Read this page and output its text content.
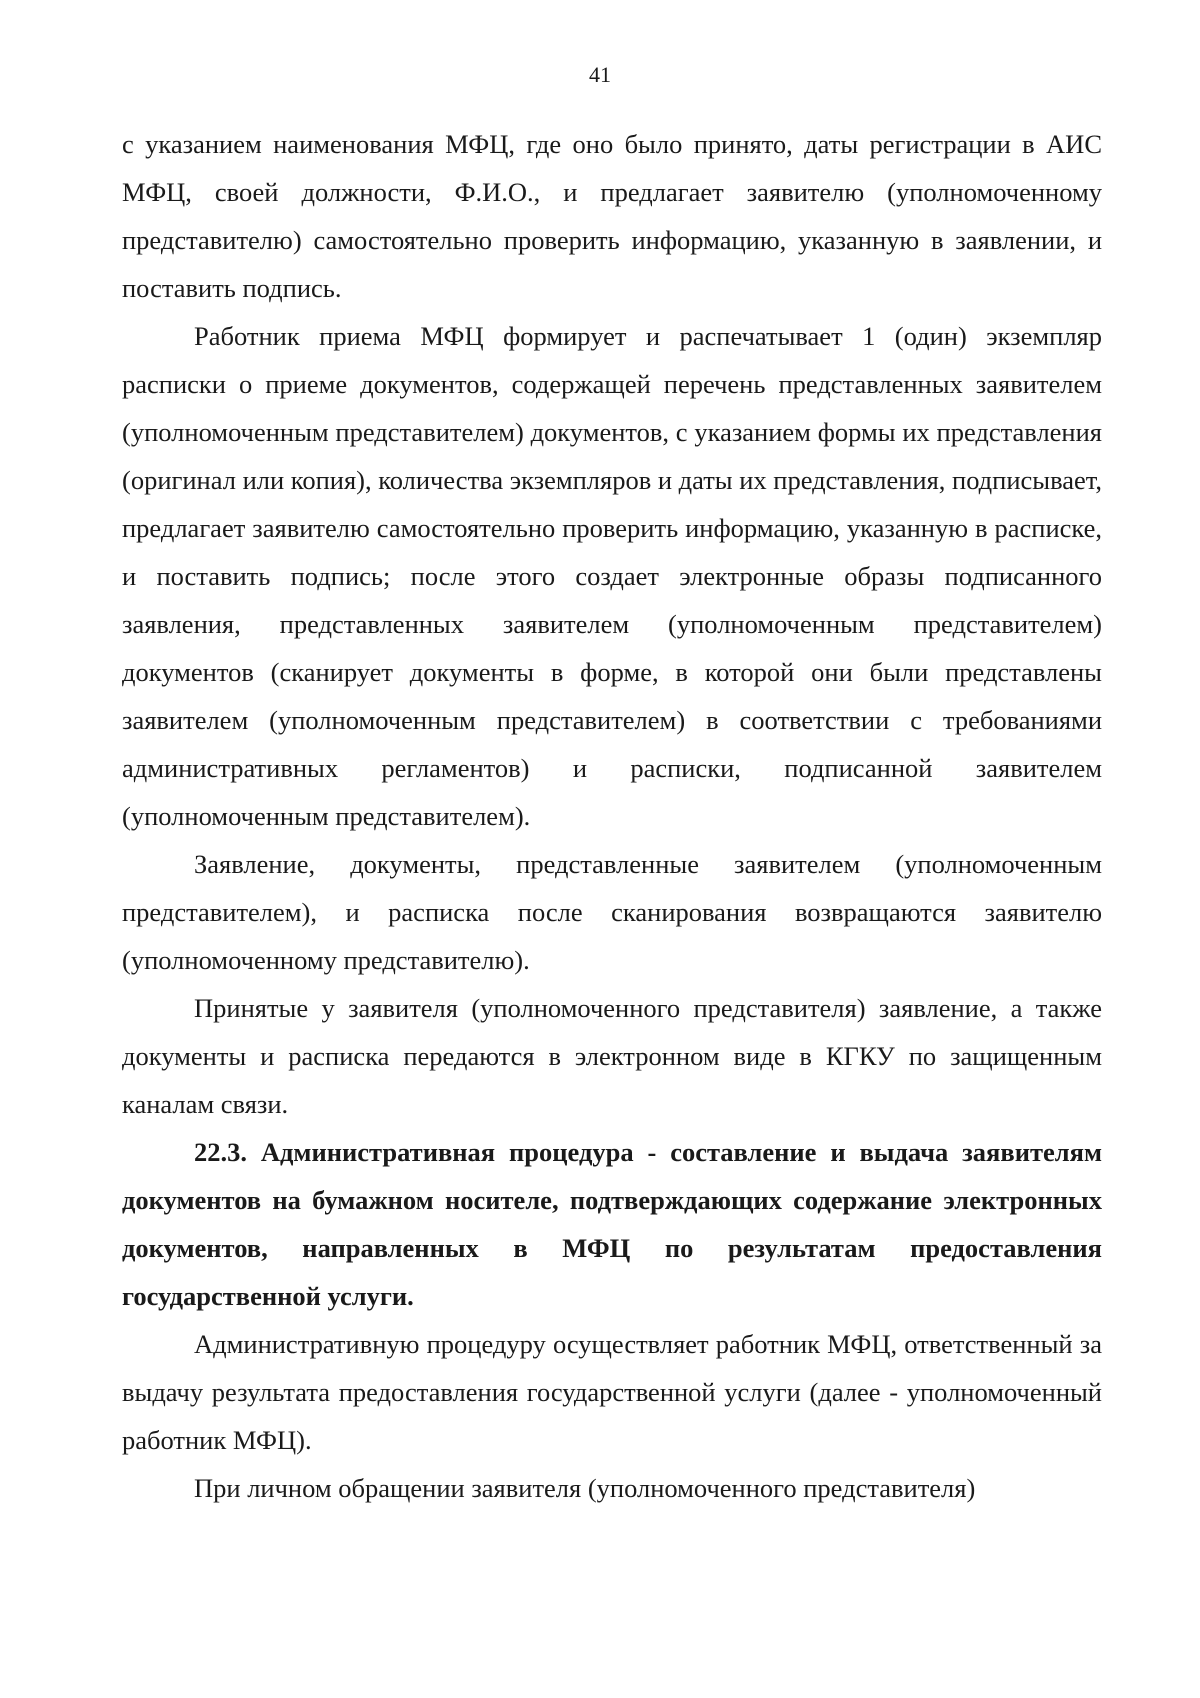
41

с указанием наименования МФЦ, где оно было принято, даты регистрации в АИС МФЦ, своей должности, Ф.И.О., и предлагает заявителю (уполномоченному представителю) самостоятельно проверить информацию, указанную в заявлении, и поставить подпись.

Работник приема МФЦ формирует и распечатывает 1 (один) экземпляр расписки о приеме документов, содержащей перечень представленных заявителем (уполномоченным представителем) документов, с указанием формы их представления (оригинал или копия), количества экземпляров и даты их представления, подписывает, предлагает заявителю самостоятельно проверить информацию, указанную в расписке, и поставить подпись; после этого создает электронные образы подписанного заявления, представленных заявителем (уполномоченным представителем) документов (сканирует документы в форме, в которой они были представлены заявителем (уполномоченным представителем) в соответствии с требованиями административных регламентов) и расписки, подписанной заявителем (уполномоченным представителем).

Заявление, документы, представленные заявителем (уполномоченным представителем), и расписка после сканирования возвращаются заявителю (уполномоченному представителю).

Принятые у заявителя (уполномоченного представителя) заявление, а также документы и расписка передаются в электронном виде в КГКУ по защищенным каналам связи.

22.3. Административная процедура - составление и выдача заявителям документов на бумажном носителе, подтверждающих содержание электронных документов, направленных в МФЦ по результатам предоставления государственной услуги.

Административную процедуру осуществляет работник МФЦ, ответственный за выдачу результата предоставления государственной услуги (далее - уполномоченный работник МФЦ).

При личном обращении заявителя (уполномоченного представителя)
